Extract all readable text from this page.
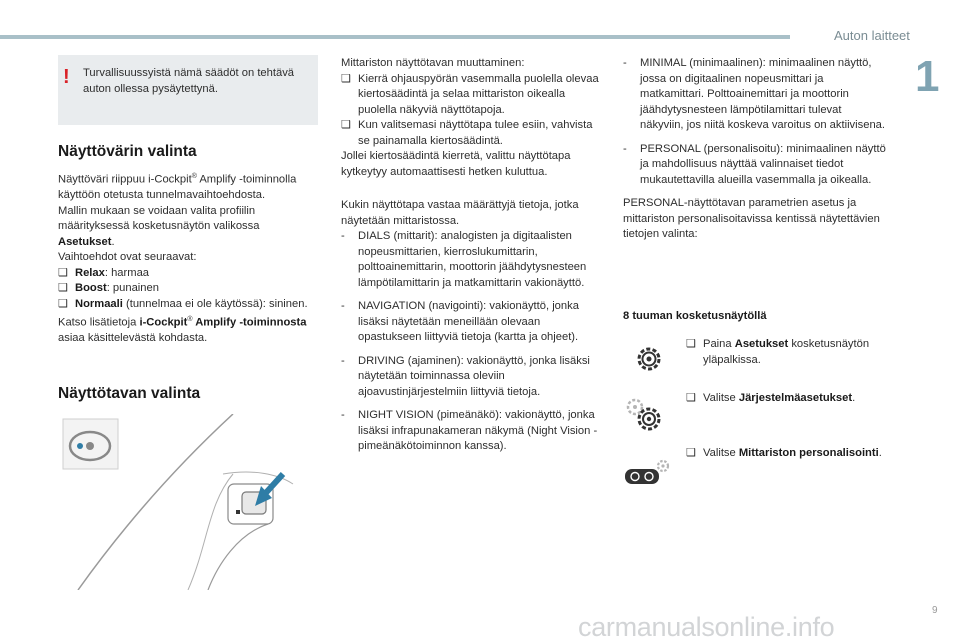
Auton laitteet
1
! Turvallisuussyistä nämä säädöt on tehtävä auton ollessa pysäytettynä.
Näyttövärin valinta

Näyttöväri riippuu i-Cockpit® Amplify -toiminnolla käyttöön otetusta tunnelmavaihtoehdosta.

Mallin mukaan se voidaan valita profiilin määrityksessä kosketusnäytön valikossa Asetukset.

Vaihtoehdot ovat seuraavat:

❑ Relax: harmaa
❑ Boost: punainen
❑ Normaali (tunnelmaa ei ole käytössä): sininen.

Katso lisätietoja i-Cockpit® Amplify -toiminnosta asiaa käsittelevästä kohdasta.

Näyttötavan valinta

Mittariston näyttötavan muuttaminen:

❑ Kierrä ohjauspyörän vasemmalla puolella olevaa kiertosäädintä ja selaa mittariston oikealla puolella näkyviä näyttötapoja.
❑ Kun valitsemasi näyttötapa tulee esiin, vahvista se painamalla kiertosäädintä.

Jollei kiertosäädintä kierretä, valittu näyttötapa kytkeytyy automaattisesti hetken kuluttua.

Kukin näyttötapa vastaa määrättyjä tietoja, jotka näytetään mittaristossa.

- DIALS (mittarit): analogisten ja digitaalisten nopeusmittarien, kierroslukumittarin, polttoainemittarin, moottorin jäähdytysnesteen lämpötilamittarin ja matkamittarin vakionäyttö.
- NAVIGATION (navigointi): vakionäyttö, jonka lisäksi näytetään meneillään olevaan opastukseen liittyviä tietoja (kartta ja ohjeet).
- DRIVING (ajaminen): vakionäyttö, jonka lisäksi näytetään toiminnassa oleviin ajoavustinjärjestelmiin liittyviä tietoja.
- NIGHT VISION (pimeänäkö): vakionäyttö, jonka lisäksi infrapunakameran näkymä (Night Vision -pimeänäkötoiminnon kanssa).
- MINIMAL (minimaalinen): minimaalinen näyttö, jossa on digitaalinen nopeusmittari ja matkamittari. Polttoainemittari ja moottorin jäähdytysnesteen lämpötilamittari tulevat näkyviin, jos niitä koskeva varoitus on aktiivisena.
- PERSONAL (personalisoitu): minimaalinen näyttö ja mahdollisuus näyttää valinnaiset tiedot mukautettavilla alueilla vasemmalla ja oikealla.

PERSONAL-näyttötavan parametrien asetus ja mittariston personalisoitavissa kentissä näytettävien tietojen valinta:

8 tuuman kosketusnäytöllä
❑ Paina Asetukset kosketusnäytön yläpalkissa.
❑ Valitse Järjestelmäasetukset.
❑ Valitse Mittariston personalisointi.
carmanualsonline.info
9
